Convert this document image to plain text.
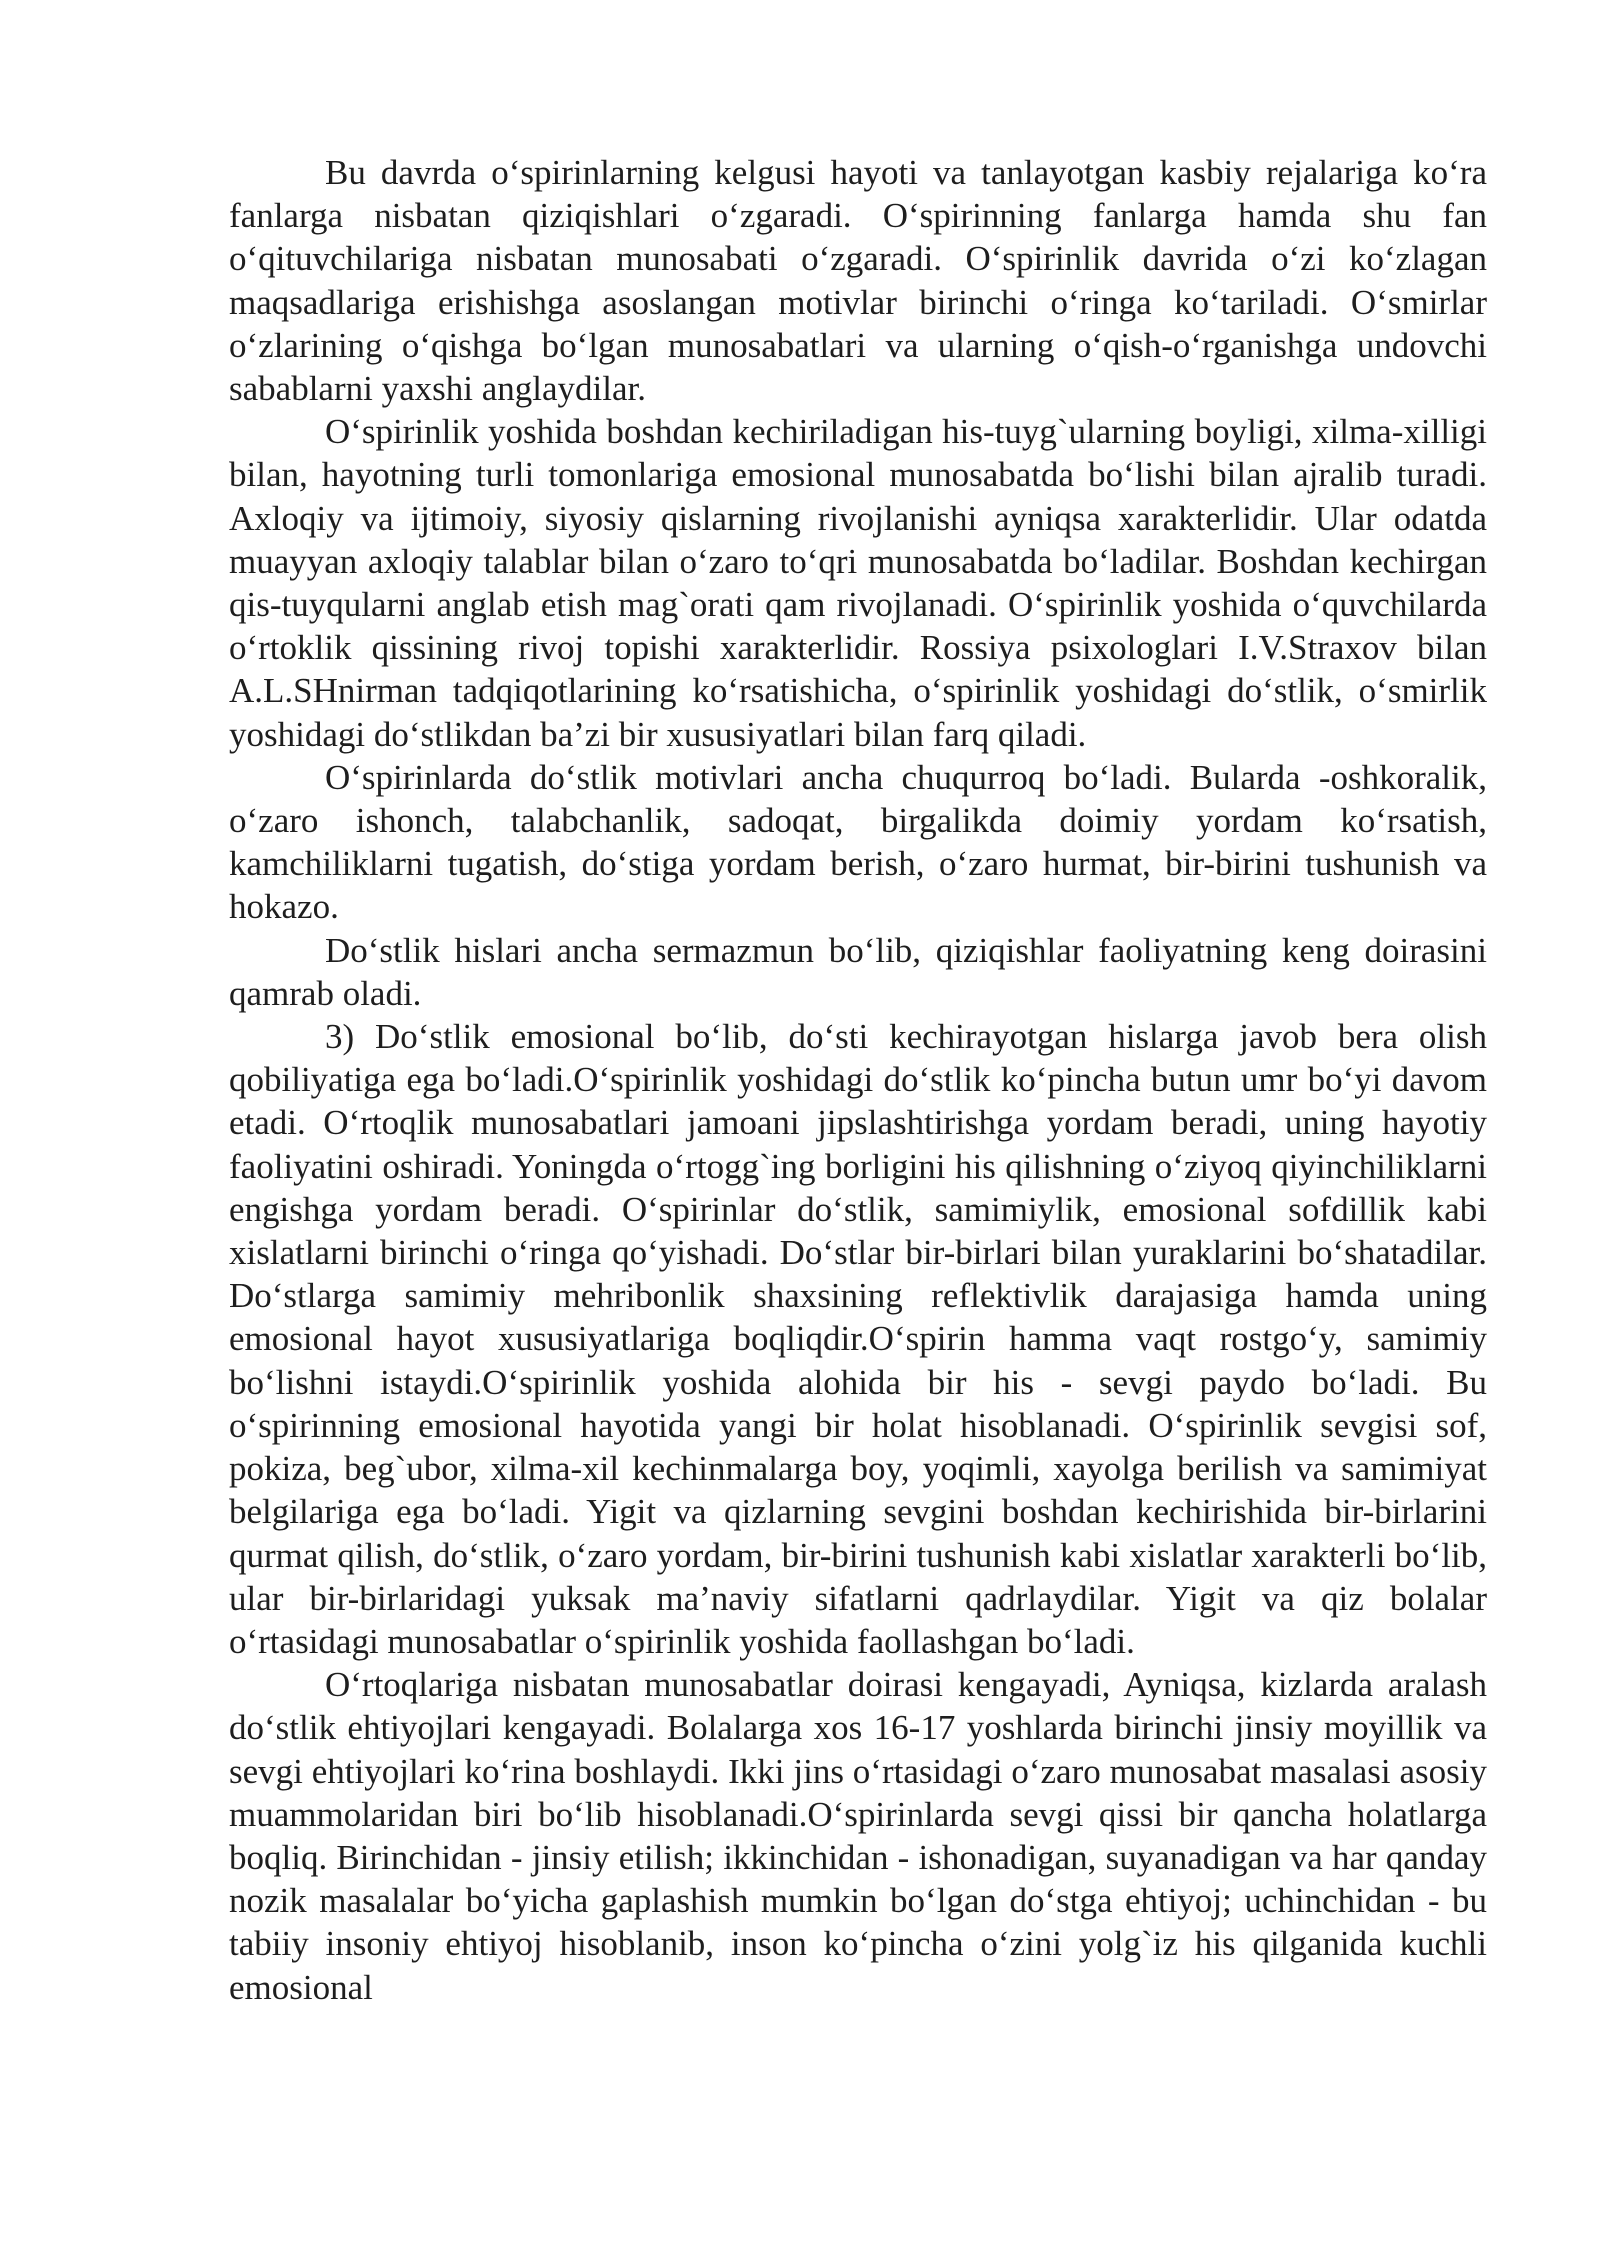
Bu davrda o‘spirinlarning kelgusi hayoti va tanlayotgan kasbiy rejalariga ko‘ra fanlarga nisbatan qiziqishlari o‘zgaradi. O‘spirinning fanlarga hamda shu fan o‘qituvchilariga nisbatan munosabati o‘zgaradi. O‘spirinlik davrida o‘zi ko‘zlagan maqsadlariga erishishga asoslangan motivlar birinchi o‘ringa ko‘tariladi. O‘smirlar o‘zlarining o‘qishga bo‘lgan munosabatlari va ularning o‘qish-o‘rganishga undovchi sabablarni yaxshi anglaydilar.

O‘spirinlik yoshida boshdan kechiriladigan his-tuyg`ularning boyligi, xilma-xilligi bilan, hayotning turli tomonlariga emosional munosabatda bo‘lishi bilan ajralib turadi. Axloqiy va ijtimoiy, siyosiy qislarning rivojlanishi ayniqsa xarakterlidir. Ular odatda muayyan axloqiy talablar bilan o‘zaro to‘qri munosabatda bo‘ladilar. Boshdan kechirgan qis-tuyqularni anglab etish mag`orati qam rivojlanadi. O‘spirinlik yoshida o‘quvchilarda o‘rtoklik qissining rivoj topishi xarakterlidir. Rossiya psixologlari I.V.Straxov bilan A.L.SHnirman tadqiqotlarining ko‘rsatishicha, o‘spirinlik yoshidagi do‘stlik, o‘smirlik yoshidagi do‘stlikdan ba’zi bir xususiyatlari bilan farq qiladi.

O‘spirinlarda do‘stlik motivlari ancha chuqurroq bo‘ladi. Bularda -oshkoralik, o‘zaro ishonch, talabchanlik, sadoqat, birgalikda doimiy yordam ko‘rsatish, kamchiliklarni tugatish, do‘stiga yordam berish, o‘zaro hurmat, bir-birini tushunish va hokazo.

Do‘stlik hislari ancha sermazmun bo‘lib, qiziqishlar faoliyatning keng doirasini qamrab oladi.

3) Do‘stlik emosional bo‘lib, do‘sti kechirayotgan hislarga javob bera olish qobiliyatiga ega bo‘ladi.O‘spirinlik yoshidagi do‘stlik ko‘pincha butun umr bo‘yi davom etadi. O‘rtoqlik munosabatlari jamoani jipslashtirishga yordam beradi, uning hayotiy faoliyatini oshiradi. Yoningda o‘rtogg`ing borligini his qilishning o‘ziyoq qiyinchiliklarni engishga yordam beradi. O‘spirinlar do‘stlik, samimiylik, emosional sofdillik kabi xislatlarni birinchi o‘ringa qo‘yishadi. Do‘stlar bir-birlari bilan yuraklarini bo‘shatadilar. Do‘stlarga samimiy mehribonlik shaxsining reflektivlik darajasiga hamda uning emosional hayot xususiyatlariga boqliqdir.O‘spirin hamma vaqt rostgo‘y, samimiy bo‘lishni istaydi.O‘spirinlik yoshida alohida bir his - sevgi paydo bo‘ladi. Bu o‘spirinning emosional hayotida yangi bir holat hisoblanadi. O‘spirinlik sevgisi sof, pokiza, beg`ubor, xilma-xil kechinmalarga boy, yoqimli, xayolga berilish va samimiyat belgilariga ega bo‘ladi. Yigit va qizlarning sevgini boshdan kechirishida bir-birlarini qurmat qilish, do‘stlik, o‘zaro yordam, bir-birini tushunish kabi xislatlar xarakterli bo‘lib, ular bir-birlaridagi yuksak ma’naviy sifatlarni qadrlaydilar. Yigit va qiz bolalar o‘rtasidagi munosabatlar o‘spirinlik yoshida faollashgan bo‘ladi.

O‘rtoqlariga nisbatan munosabatlar doirasi kengayadi, Ayniqsa, kizlarda aralash do‘stlik ehtiyojlari kengayadi. Bolalarga xos 16-17 yoshlarda birinchi jinsiy moyillik va sevgi ehtiyojlari ko‘rina boshlaydi. Ikki jins o‘rtasidagi o‘zaro munosabat masalasi asosiy muammolaridan biri bo‘lib hisoblanadi.O‘spirinlarda sevgi qissi bir qancha holatlarga boqliq. Birinchidan - jinsiy etilish; ikkinchidan - ishonadigan, suyanadigan va har qanday nozik masalalar bo‘yicha gaplashish mumkin bo‘lgan do‘stga ehtiyoj; uchinchidan - bu tabiiy insoniy ehtiyoj hisoblanib, inson ko‘pincha o‘zini yolg`iz his qilganida kuchli emosional
